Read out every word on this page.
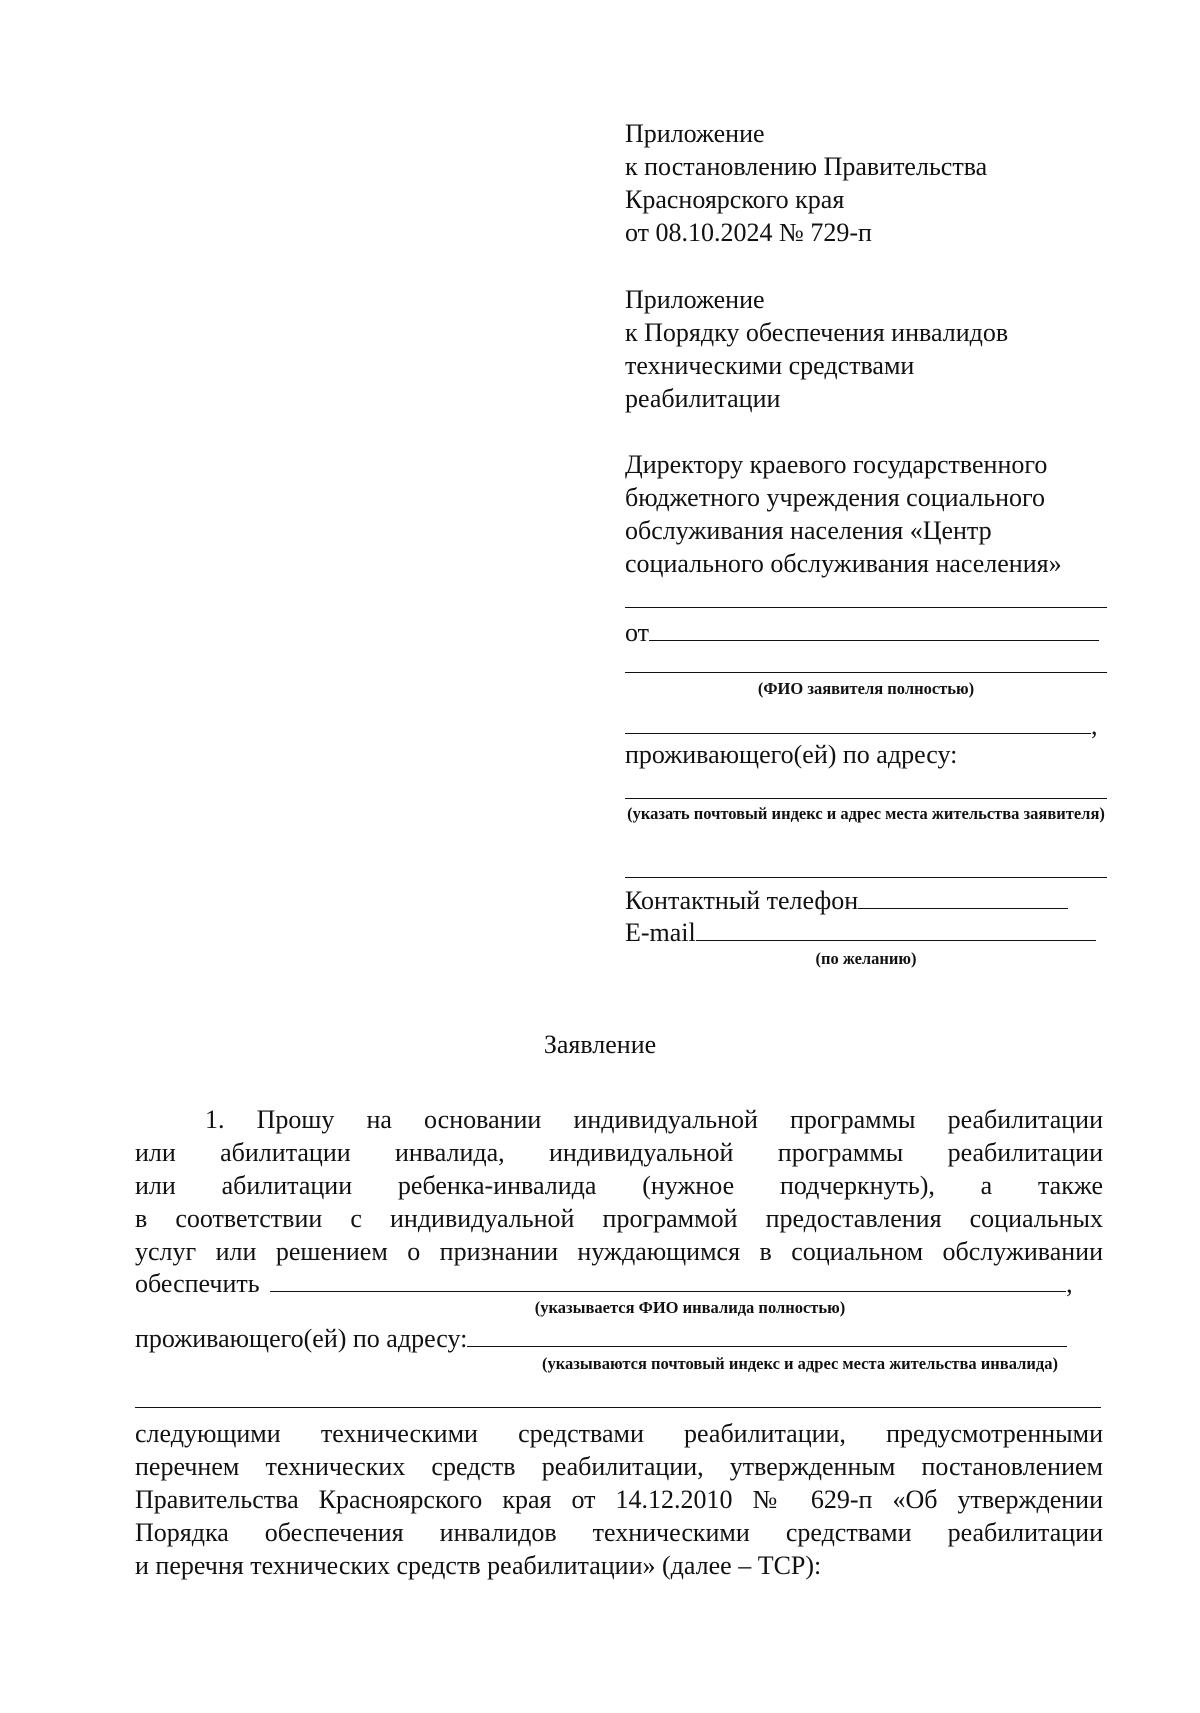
Приложение
к постановлению Правительства
Красноярского края
от 08.10.2024 № 729-п
Приложение
к Порядку обеспечения инвалидов
техническими средствами
реабилитации
Директору краевого государственного
бюджетного учреждения социального
обслуживания населения «Центр
социального обслуживания населения»
от
(ФИО заявителя полностью)
,
проживающего(ей) по адресу:
(указать почтовый индекс и адрес места жительства заявителя)
Контактный телефон
E-mail
(по желанию)
Заявление
1. Прошу на основании индивидуальной программы реабилитации
или абилитации инвалида, индивидуальной программы реабилитации
или абилитации ребенка-инвалида (нужное подчеркнуть), а также
в соответствии с индивидуальной программой предоставления социальных
услуг или решением о признании нуждающимся в социальном обслуживании
обеспечить	,
(указывается ФИО инвалида полностью)
проживающего(ей) по адресу:
(указываются почтовый индекс и адрес места жительства инвалида)
следующими техническими средствами реабилитации, предусмотренными
перечнем технических средств реабилитации, утвержденным постановлением
Правительства Красноярского края от 14.12.2010 № 629-п «Об утверждении
Порядка обеспечения инвалидов техническими средствами реабилитации
и перечня технических средств реабилитации» (далее – ТСР):
